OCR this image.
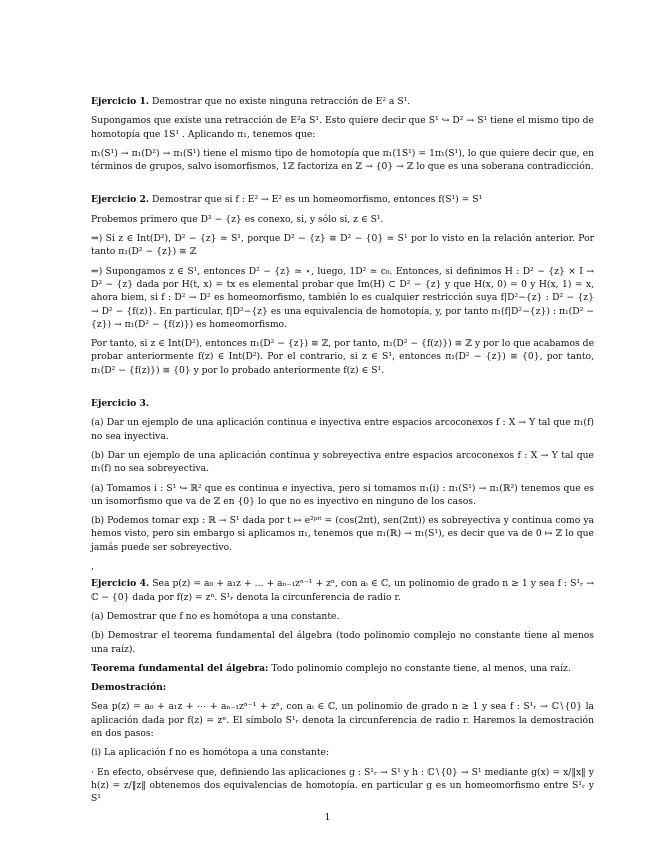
Ejercicio 1. Demostrar que no existe ninguna retracción de E² a S¹.

Supongamos que existe una retracción de E²a S¹. Esto quiere decir que S¹ ↪ D² → S¹ tiene el mismo tipo de homotopía que 1S¹ . Aplicando π₁, tenemos que:

π₁(S¹) → π₁(D²) → π₁(S¹) tiene el mismo tipo de homotopía que π₁(1S¹) = 1π₁(S¹), lo que quiere decir que, en términos de grupos, salvo isomorfismos, 1ℤ factoriza en ℤ → {0} → ℤ lo que es una soberana contradicción.

Ejercicio 2. Demostrar que si f : E² → E² es un homeomorfismo, entonces f(S¹) = S¹

Probemos primero que D² − {z} es conexo, si, y sólo si, z ∈ S¹.

⇒) Si z ∈ Int(D²), D² − {z} ≃ S¹, porque D² − {z} ≅ D² − {0} ≃ S¹ por lo visto en la relación anterior. Por tanto π₁(D² − {z}) ≅ ℤ

⇐) Supongamos z ∈ S¹, entonces D² − {z} ≃ ⋆, luego, 1D² ≃ c₀. Entonces, si definimos H : D² − {z} × I → D² − {z} dada por H(t, x) = tx es elemental probar que Im(H) ⊂ D² − {z} y que H(x, 0) = 0 y H(x, 1) = x, ahora biem, si f : D² → D² es homeomorfismo, también lo es cualquier restricción suya f|D²−{z} : D² − {z} → D² − {f(z)}. En particular, f|D²−{z} es una equivalencia de homotopía, y, por tanto π₁(f|D²−{z}) : π₁(D² − {z}) → π₁(D² − {f(z)}) es homeomorfismo.

Por tanto, si z ∈ Int(D²), entonces π₁(D² − {z}) ≅ ℤ, por tanto, π₁(D² − {f(z)}) ≅ ℤ y por lo que acabamos de probar anteriormente f(z) ∈ Int(D²). Por el contrario, si z ∈ S¹, entonces π₁(D² − {z}) ≅ {0}, por tanto, π₁(D² − {f(z)}) ≅ {0} y por lo probado anteriormente f(z) ∈ S¹.

Ejercicio 3.

(a) Dar un ejemplo de una aplicación continua e inyectiva entre espacios arcoconexos f : X → Y tal que π₁(f) no sea inyectiva.

(b) Dar un ejemplo de una aplicación continua y sobreyectiva entre espacios arcoconexos f : X → Y tal que π₁(f) no sea sobreyectiva.

(a) Tomamos i : S¹ ↪ ℝ² que es continua e inyectiva, pero si tomamos π₁(i) : π₁(S¹) → π₁(ℝ²) tenemos que es un isomorfismo que va de ℤ en {0} lo que no es inyectivo en ninguno de los casos.

(b) Podemos tomar exp : ℝ → S¹ dada por t ↦ e²ᵖⁱᵗ = (cos(2πt), sen(2πt)) es sobreyectiva y continua como ya hemos visto, pero sin embargo si aplicamos π₁, tenemos que π₁(ℝ) → π₁(S¹), es decir que va de 0 ↦ ℤ lo que jamás puede ser sobreyectivo.

,

Ejercicio 4. Sea p(z) = a₀ + a₁z + ... + aₙ₋₁zⁿ⁻¹ + zⁿ, con aᵢ ∈ ℂ, un polinomio de grado n ≥ 1 y sea f : S¹ᵣ → ℂ − {0} dada por f(z) = zⁿ. S¹ᵣ denota la circunferencia de radio r.

(a) Demostrar que f no es homótopa a una constante.

(b) Demostrar el teorema fundamental del álgebra (todo polinomio complejo no constante tiene al menos una raíz).

Teorema fundamental del álgebra: Todo polinomio complejo no constante tiene, al menos, una raíz.

Demostración:

Sea p(z) = a₀ + a₁z + ⋯ + aₙ₋₁zⁿ⁻¹ + zⁿ, con aᵢ ∈ ℂ, un polinomio de grado n ≥ 1 y sea f : S¹ᵣ → ℂ∖{0} la aplicación dada por f(z) = zⁿ. El símbolo S¹ᵣ denota la circunferencia de radio r. Haremos la demostración en dos pasos:

(i) La aplicación f no es homótopa a una constante:

· En efecto, obsérvese que, definiendo las aplicaciones g : S¹ᵣ → S¹ y h : ℂ∖{0} → S¹ mediante g(x) = x/‖x‖ y h(z) = z/‖z‖ obtenemos dos equivalencias de homotopía. en particular g es un homeomorfismo entre S¹ᵣ y S¹

1
